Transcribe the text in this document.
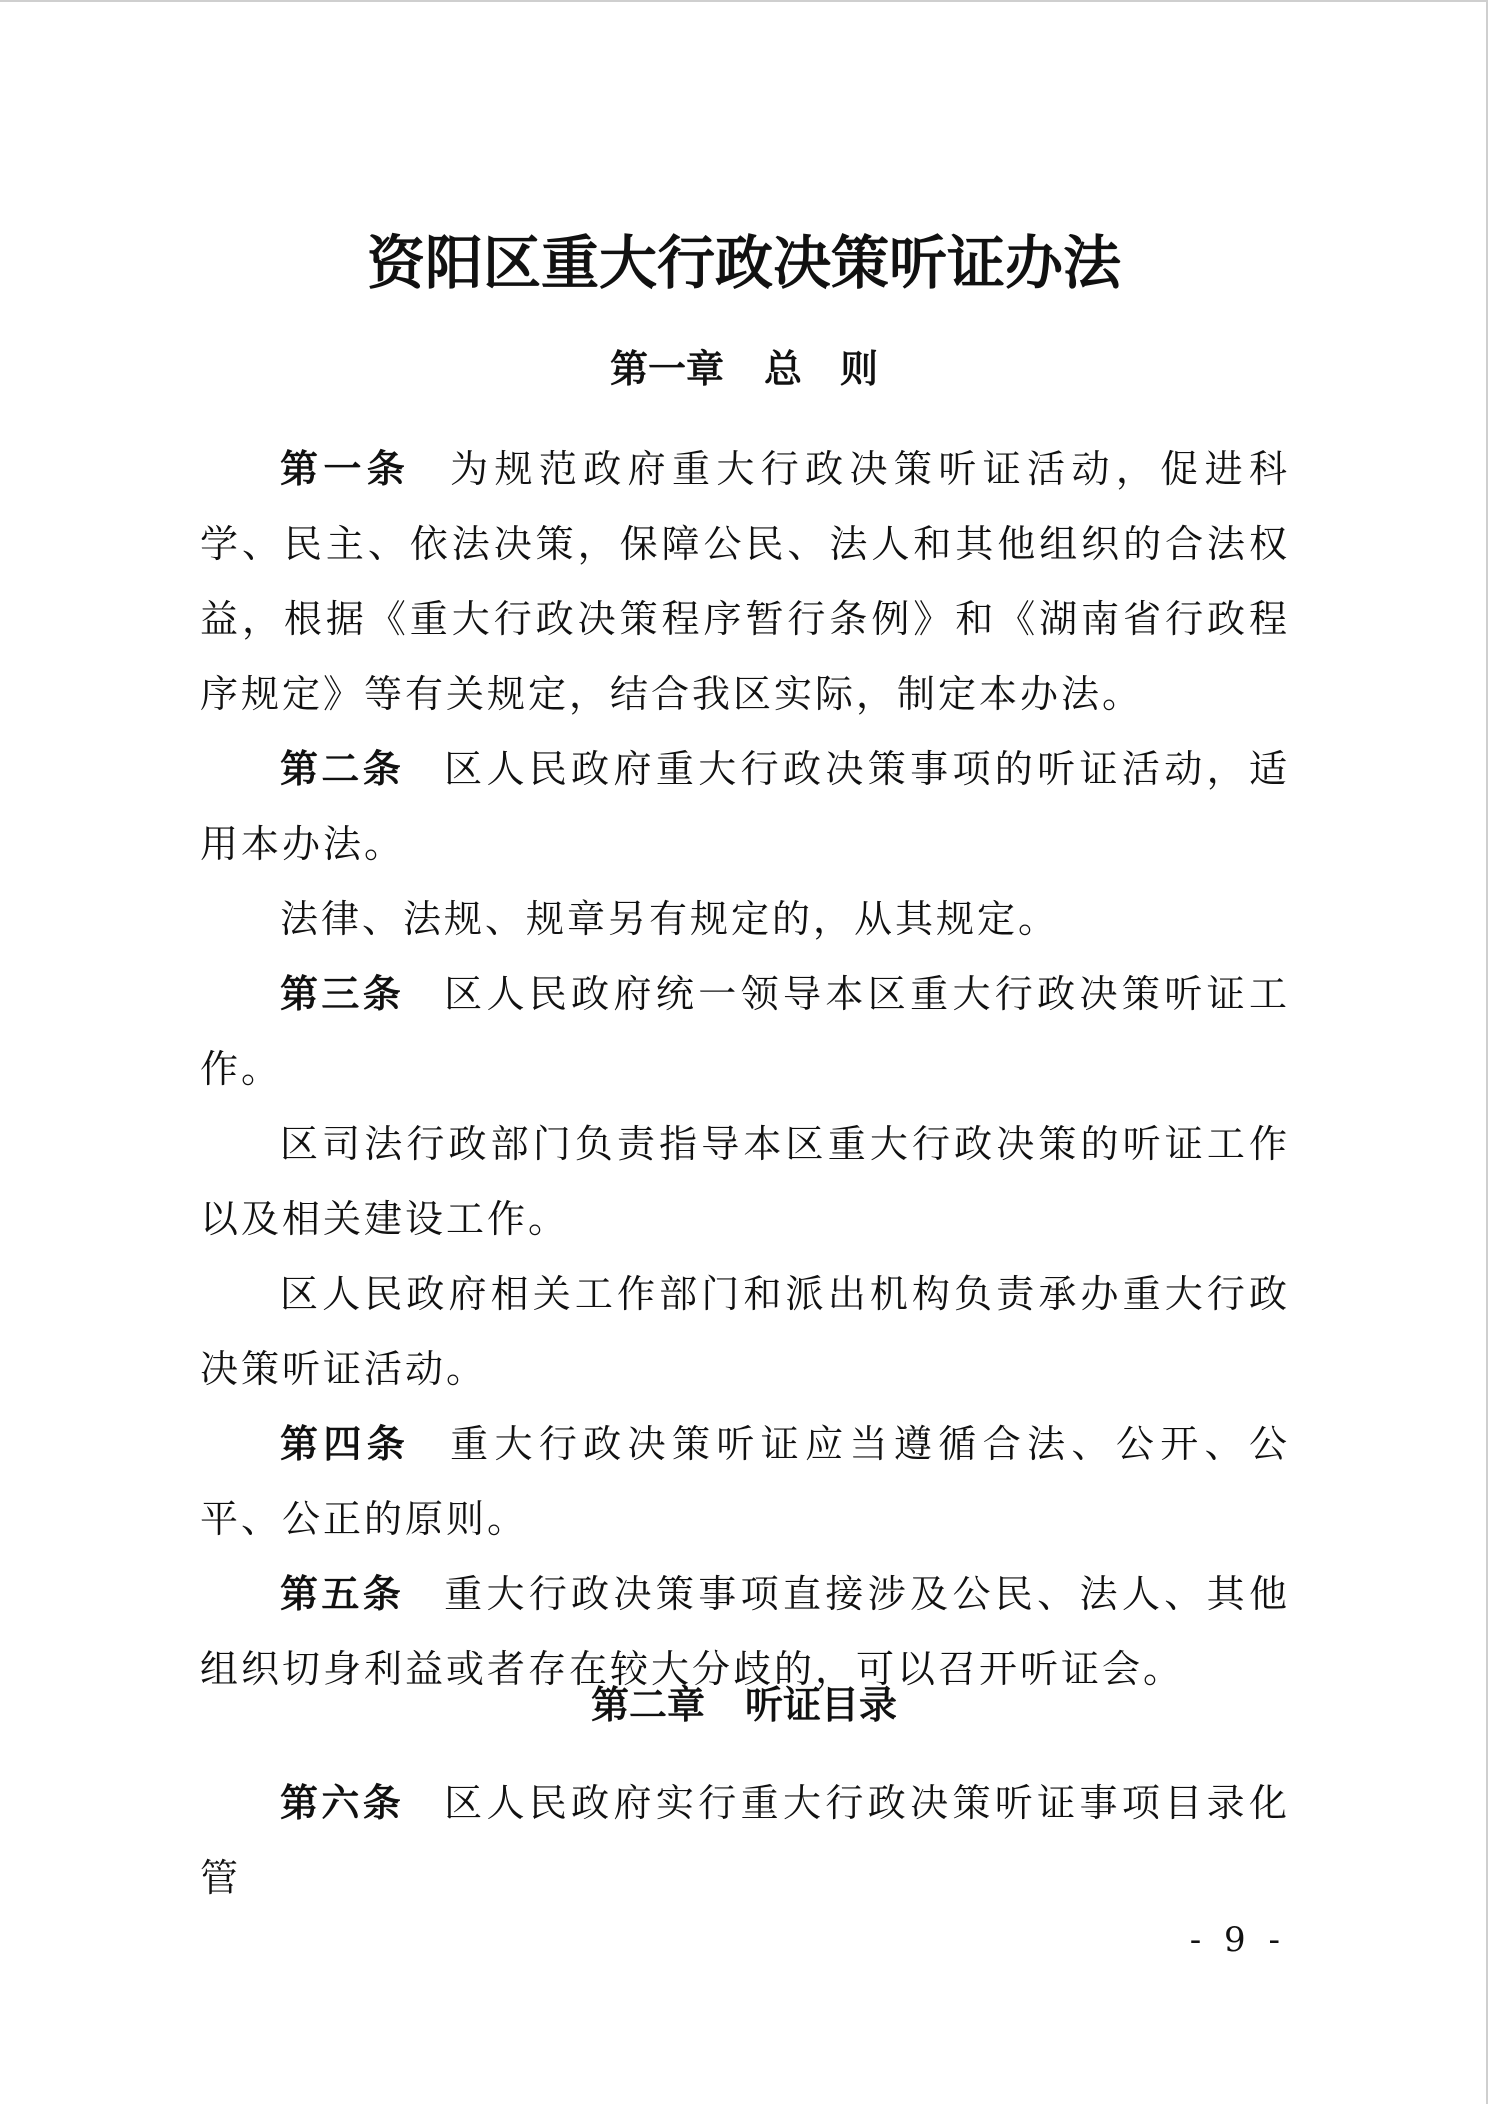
资阳区重大行政决策听证办法
第一章 总　则

第一条 为规范政府重大行政决策听证活动，促进科学、民主、依法决策，保障公民、法人和其他组织的合法权益，根据《重大行政决策程序暂行条例》和《湖南省行政程序规定》等有关规定，结合我区实际，制定本办法。

第二条 区人民政府重大行政决策事项的听证活动，适用本办法。

法律、法规、规章另有规定的，从其规定。

第三条 区人民政府统一领导本区重大行政决策听证工作。

区司法行政部门负责指导本区重大行政决策的听证工作以及相关建设工作。

区人民政府相关工作部门和派出机构负责承办重大行政决策听证活动。

第四条 重大行政决策听证应当遵循合法、公开、公平、公正的原则。

第五条 重大行政决策事项直接涉及公民、法人、其他组织切身利益或者存在较大分歧的，可以召开听证会。

第二章 听证目录

第六条 区人民政府实行重大行政决策听证事项目录化管

- 9 -
